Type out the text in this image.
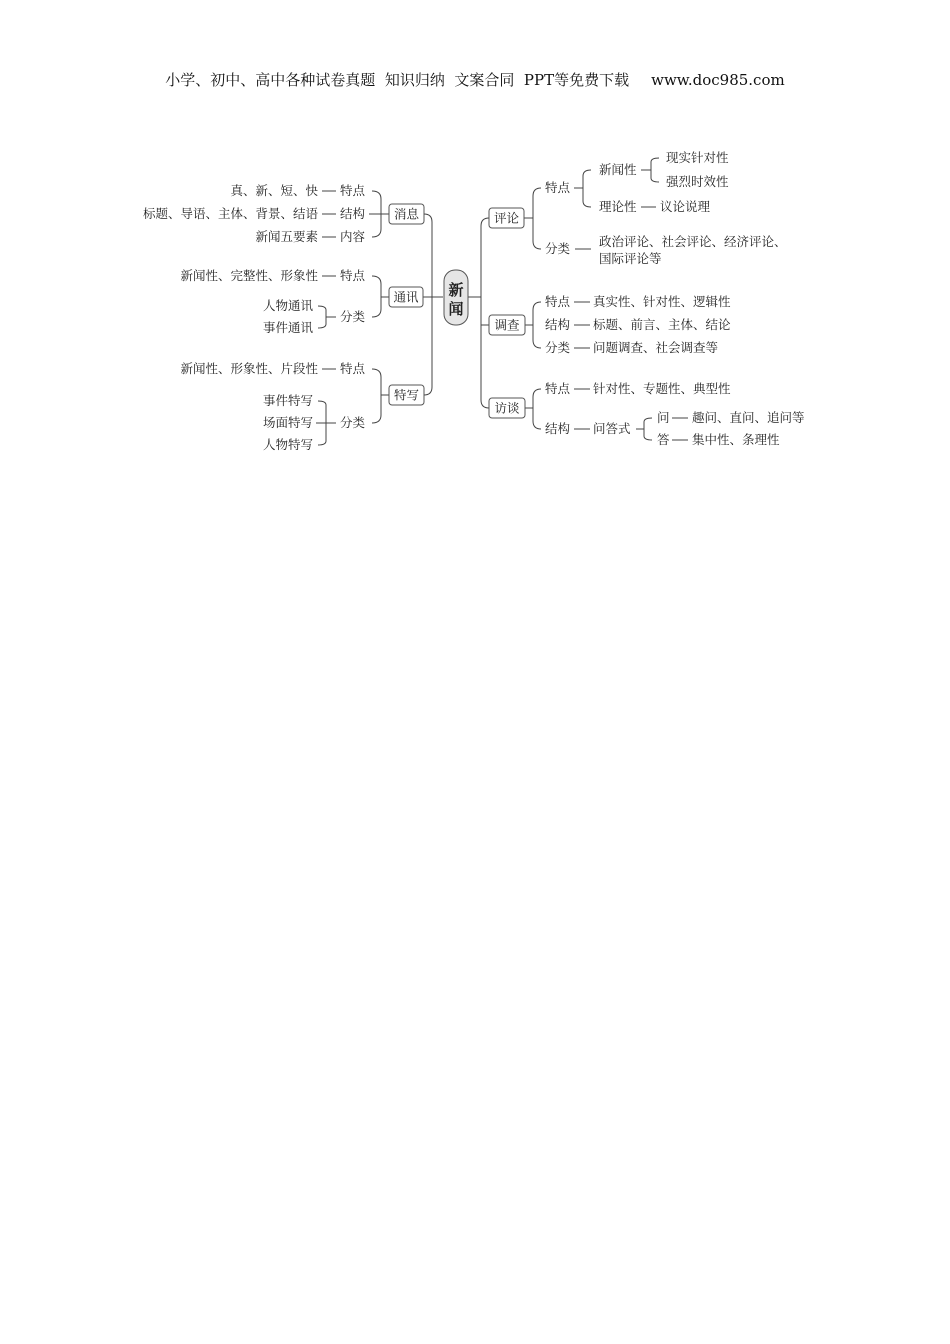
小学、初中、高中各种试卷真题  知识归纳  文案合同  PPT等免费下载 www.doc985.com
新
闻
消息
真、新、短、快 特点
标题、导语、主体、背景、结语 结构
新闻五要素 内容
通讯
新闻性、完整性、形象性 特点
人物通讯
事件通讯
分类
特写
新闻性、形象性、片段性 特点
事件特写
场面特写
人物特写
分类
评论
特点
新闻性
现实针对性
强烈时效性
理论性 议论说理
分类 政治评论、社会评论、经济评论、
国际评论等
调查
特点 真实性、针对性、逻辑性
结构 标题、前言、主体、结论
分类 问题调查、社会调查等
访谈
特点 针对性、专题性、典型性
结构 问答式
问 趣问、直问、追问等
答 集中性、条理性
